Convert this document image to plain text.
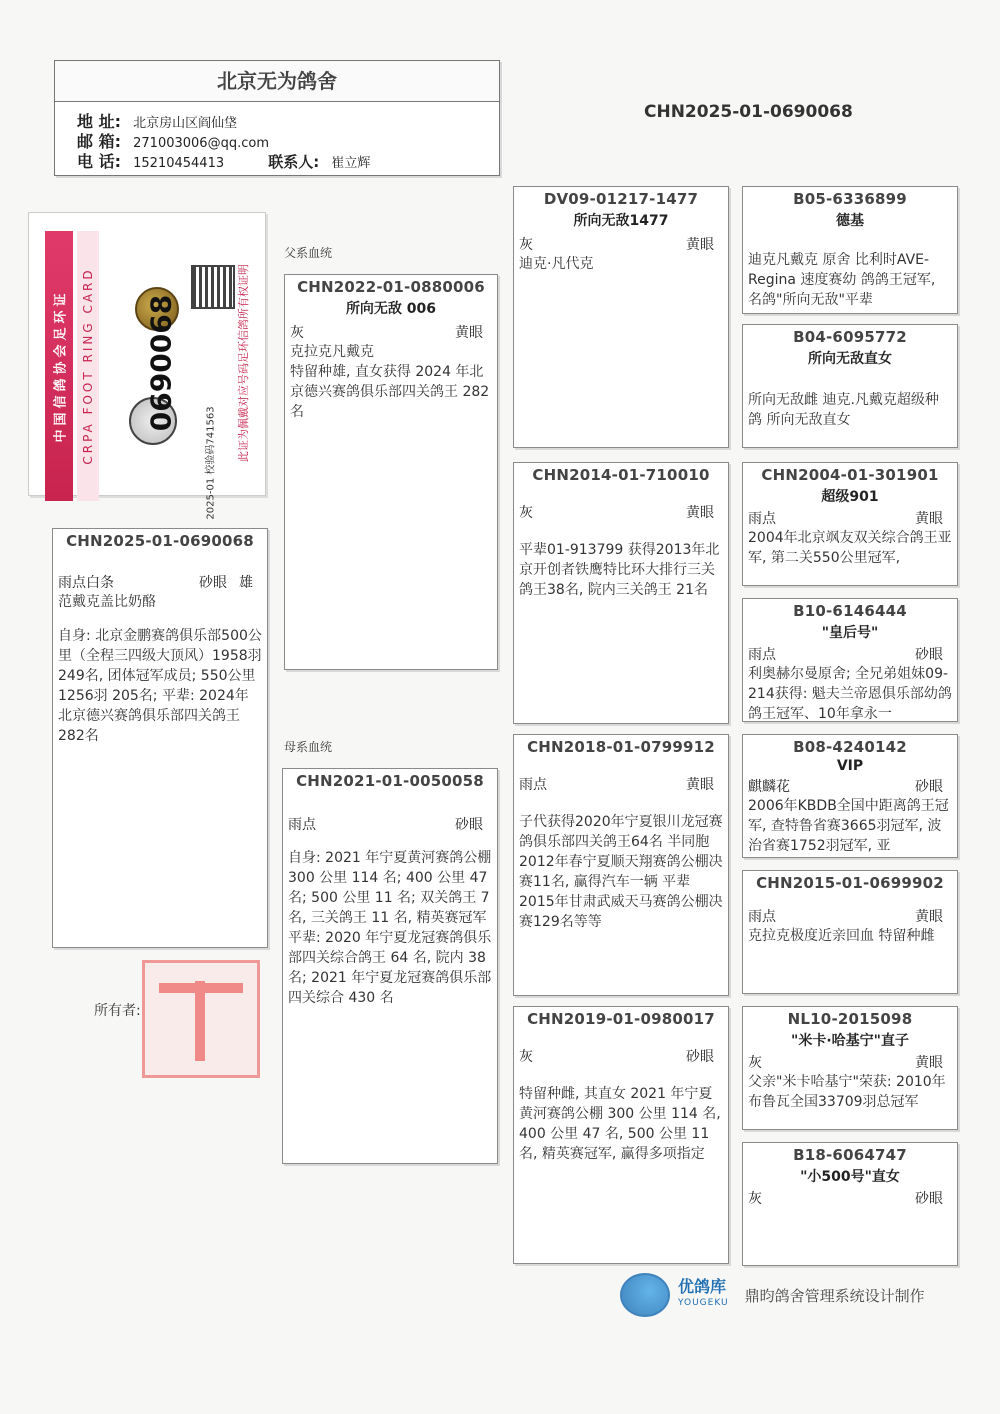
北京无为鸽舍
地 址: 北京房山区阎仙垡
邮 箱: 271003006@qq.com
电 话: 15210454413	联系人: 崔立辉
CHN2025-01-0690068
中国信鸽协会足环证 CRPA FOOT RING CARD 0690068
2025-01 校验码741563
此证为佩戴对应号码足环信鸽所有权证明
CHN2025-01-0690068
雨点白条	砂眼 雄
范戴克盖比奶酪
自身: 北京金鹏赛鸽俱乐部500公里（全程三四级大顶风）1958羽 249名, 团体冠军成员; 550公里1256羽 205名; 平辈: 2024年北京德兴赛鸽俱乐部四关鸽王282名
父系血统
母系血统
CHN2022-01-0880006
所向无敌 006
灰	黄眼
克拉克凡戴克
特留种雄, 直女获得 2024 年北京德兴赛鸽俱乐部四关鸽王 282 名
CHN2021-01-0050058
雨点	砂眼
自身: 2021 年宁夏黄河赛鸽公棚 300 公里 114 名; 400 公里 47 名; 500 公里 11 名; 双关鸽王 7 名, 三关鸽王 11 名, 精英赛冠军平辈: 2020 年宁夏龙冠赛鸽俱乐部四关综合鸽王 64 名, 院内 38名; 2021 年宁夏龙冠赛鸽俱乐部四关综合 430 名
DV09-01217-1477
所向无敌1477
灰	黄眼
迪克·凡代克
CHN2014-01-710010
灰	黄眼
平辈01-913799 获得2013年北京开创者铁鹰特比环大排行三关鸽王38名, 院内三关鸽王 21名
CHN2018-01-0799912
雨点	黄眼
子代获得2020年宁夏银川龙冠赛鸽俱乐部四关鸽王64名 半同胞2012年春宁夏顺天翔赛鸽公棚决赛11名, 赢得汽车一辆 平辈2015年甘肃武威天马赛鸽公棚决赛129名等等
CHN2019-01-0980017
灰	砂眼
特留种雌, 其直女 2021 年宁夏黄河赛鸽公棚 300 公里 114 名, 400 公里 47 名, 500 公里 11 名, 精英赛冠军, 赢得多项指定
B05-6336899
德基
迪克凡戴克 原舍 比利时AVE-Regina 速度赛幼 鸽鸽王冠军, 名鸽"所向无敌"平辈
B04-6095772
所向无敌直女
所向无敌雌 迪克.凡戴克超级种鸽 所向无敌直女
CHN2004-01-301901
超级901
雨点	黄眼
2004年北京飒友双关综合鸽王亚军, 第二关550公里冠军,
B10-6146444
"皇后号"
雨点	砂眼
利奥赫尔曼原舍; 全兄弟姐妹09-214获得: 魁夫兰帝恩俱乐部幼鸽鸽王冠军、10年拿永一
B08-4240142
VIP
麒麟花	砂眼
2006年KBDB全国中距离鸽王冠军, 查特鲁省赛3665羽冠军, 波治省赛1752羽冠军, 亚
CHN2015-01-0699902
雨点	黄眼
克拉克极度近亲回血 特留种雌
NL10-2015098
"米卡·哈基宁"直子
灰	黄眼
父亲"米卡哈基宁"荣获: 2010年布鲁瓦全国33709羽总冠军
B18-6064747
"小500号"直女
灰	砂眼
所有者:
优鸽库
YOUGEKU 鼎昀鸽舍管理系统设计制作
